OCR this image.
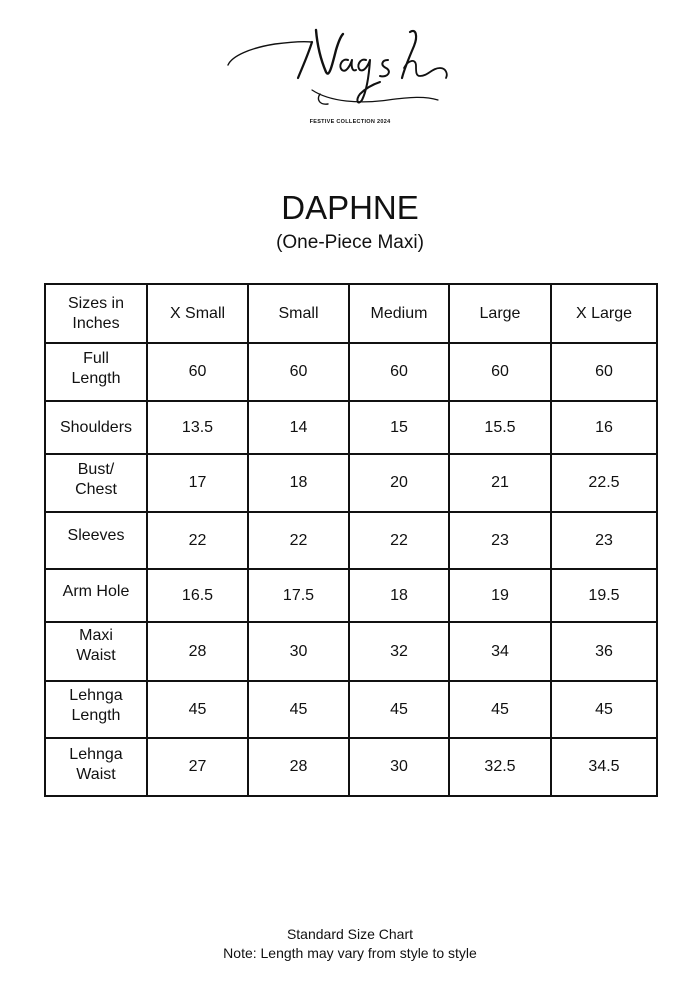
FESTIVE COLLECTION 2024
DAPHNE
(One-Piece Maxi)
Sizes in
Inches	X Small	Small	Medium	Large	X Large
Full
Length	60	60	60	60	60
Shoulders	13.5	14	15	15.5	16
Bust/
Chest	17	18	20	21	22.5
Sleeves	22	22	22	23	23
Arm Hole	16.5	17.5	18	19	19.5
Maxi
Waist	28	30	32	34	36
Lehnga
Length	45	45	45	45	45
Lehnga
Waist	27	28	30	32.5	34.5
Standard Size Chart
Note: Length may vary from style to style
